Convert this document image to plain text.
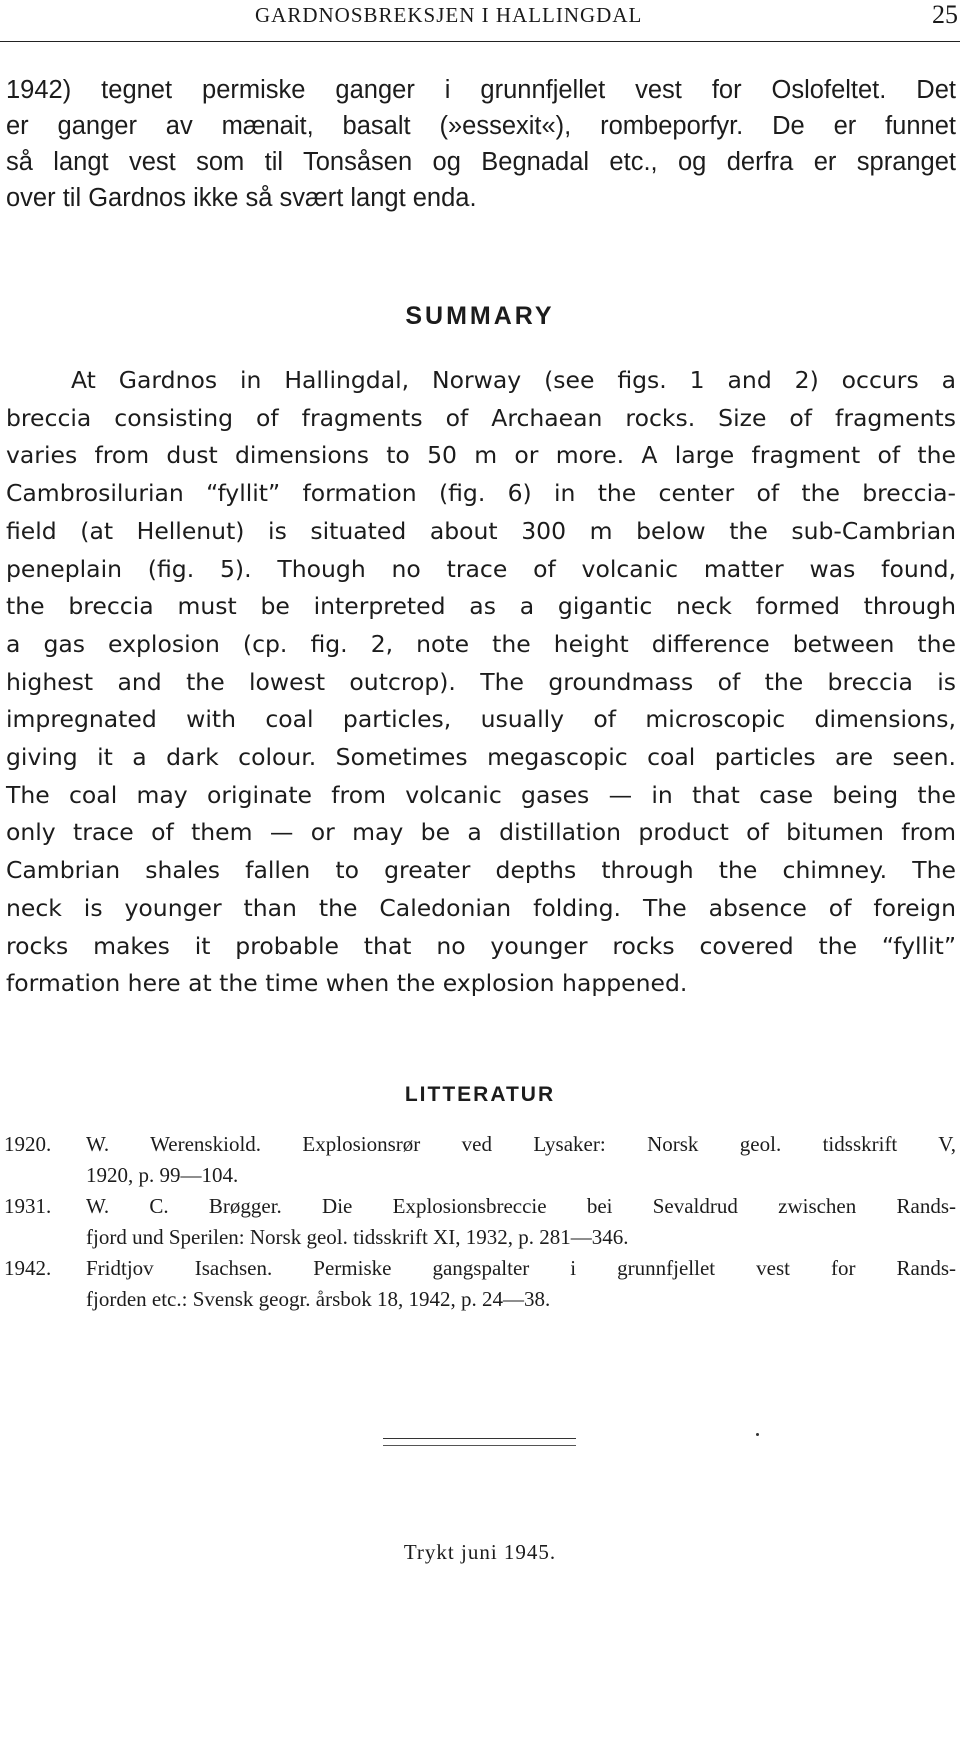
GARDNOSBREKSJEN I HALLINGDAL	25
1942) tegnet permiske ganger i grunnfjellet vest for Oslofeltet. Det
er ganger av mænait, basalt (»essexit«), rombeporfyr. De er funnet
så langt vest som til Tonsåsen og Begnadal etc., og derfra er spranget
over til Gardnos ikke så svært langt enda.
SUMMARY
At Gardnos in Hallingdal, Norway (see figs. 1 and 2) occurs a
breccia consisting of fragments of Archaean rocks. Size of fragments
varies from dust dimensions to 50 m or more. A large fragment of the
Cambrosilurian “fyllit” formation (fig. 6) in the center of the breccia-
field (at Hellenut) is situated about 300 m below the sub-Cambrian
peneplain (fig. 5). Though no trace of volcanic matter was found,
the breccia must be interpreted as a gigantic neck formed through
a gas explosion (cp. fig. 2, note the height difference between the
highest and the lowest outcrop). The groundmass of the breccia is
impregnated with coal particles, usually of microscopic dimensions,
giving it a dark colour. Sometimes megascopic coal particles are seen.
The coal may originate from volcanic gases — in that case being the
only trace of them — or may be a distillation product of bitumen from
Cambrian shales fallen to greater depths through the chimney. The
neck is younger than the Caledonian folding. The absence of foreign
rocks makes it probable that no younger rocks covered the “fyllit”
formation here at the time when the explosion happened.
LITTERATUR
1920. W. Werenskiold. Explosionsrør ved Lysaker: Norsk geol. tidsskrift V,
1920, p. 99—104.
1931. W. C. Brøgger. Die Explosionsbreccie bei Sevaldrud zwischen Rands-
fjord und Sperilen: Norsk geol. tidsskrift XI, 1932, p. 281—346.
1942. Fridtjov Isachsen. Permiske gangspalter i grunnfjellet vest for Rands-
fjorden etc.: Svensk geogr. årsbok 18, 1942, p. 24—38.
Trykt juni 1945.
